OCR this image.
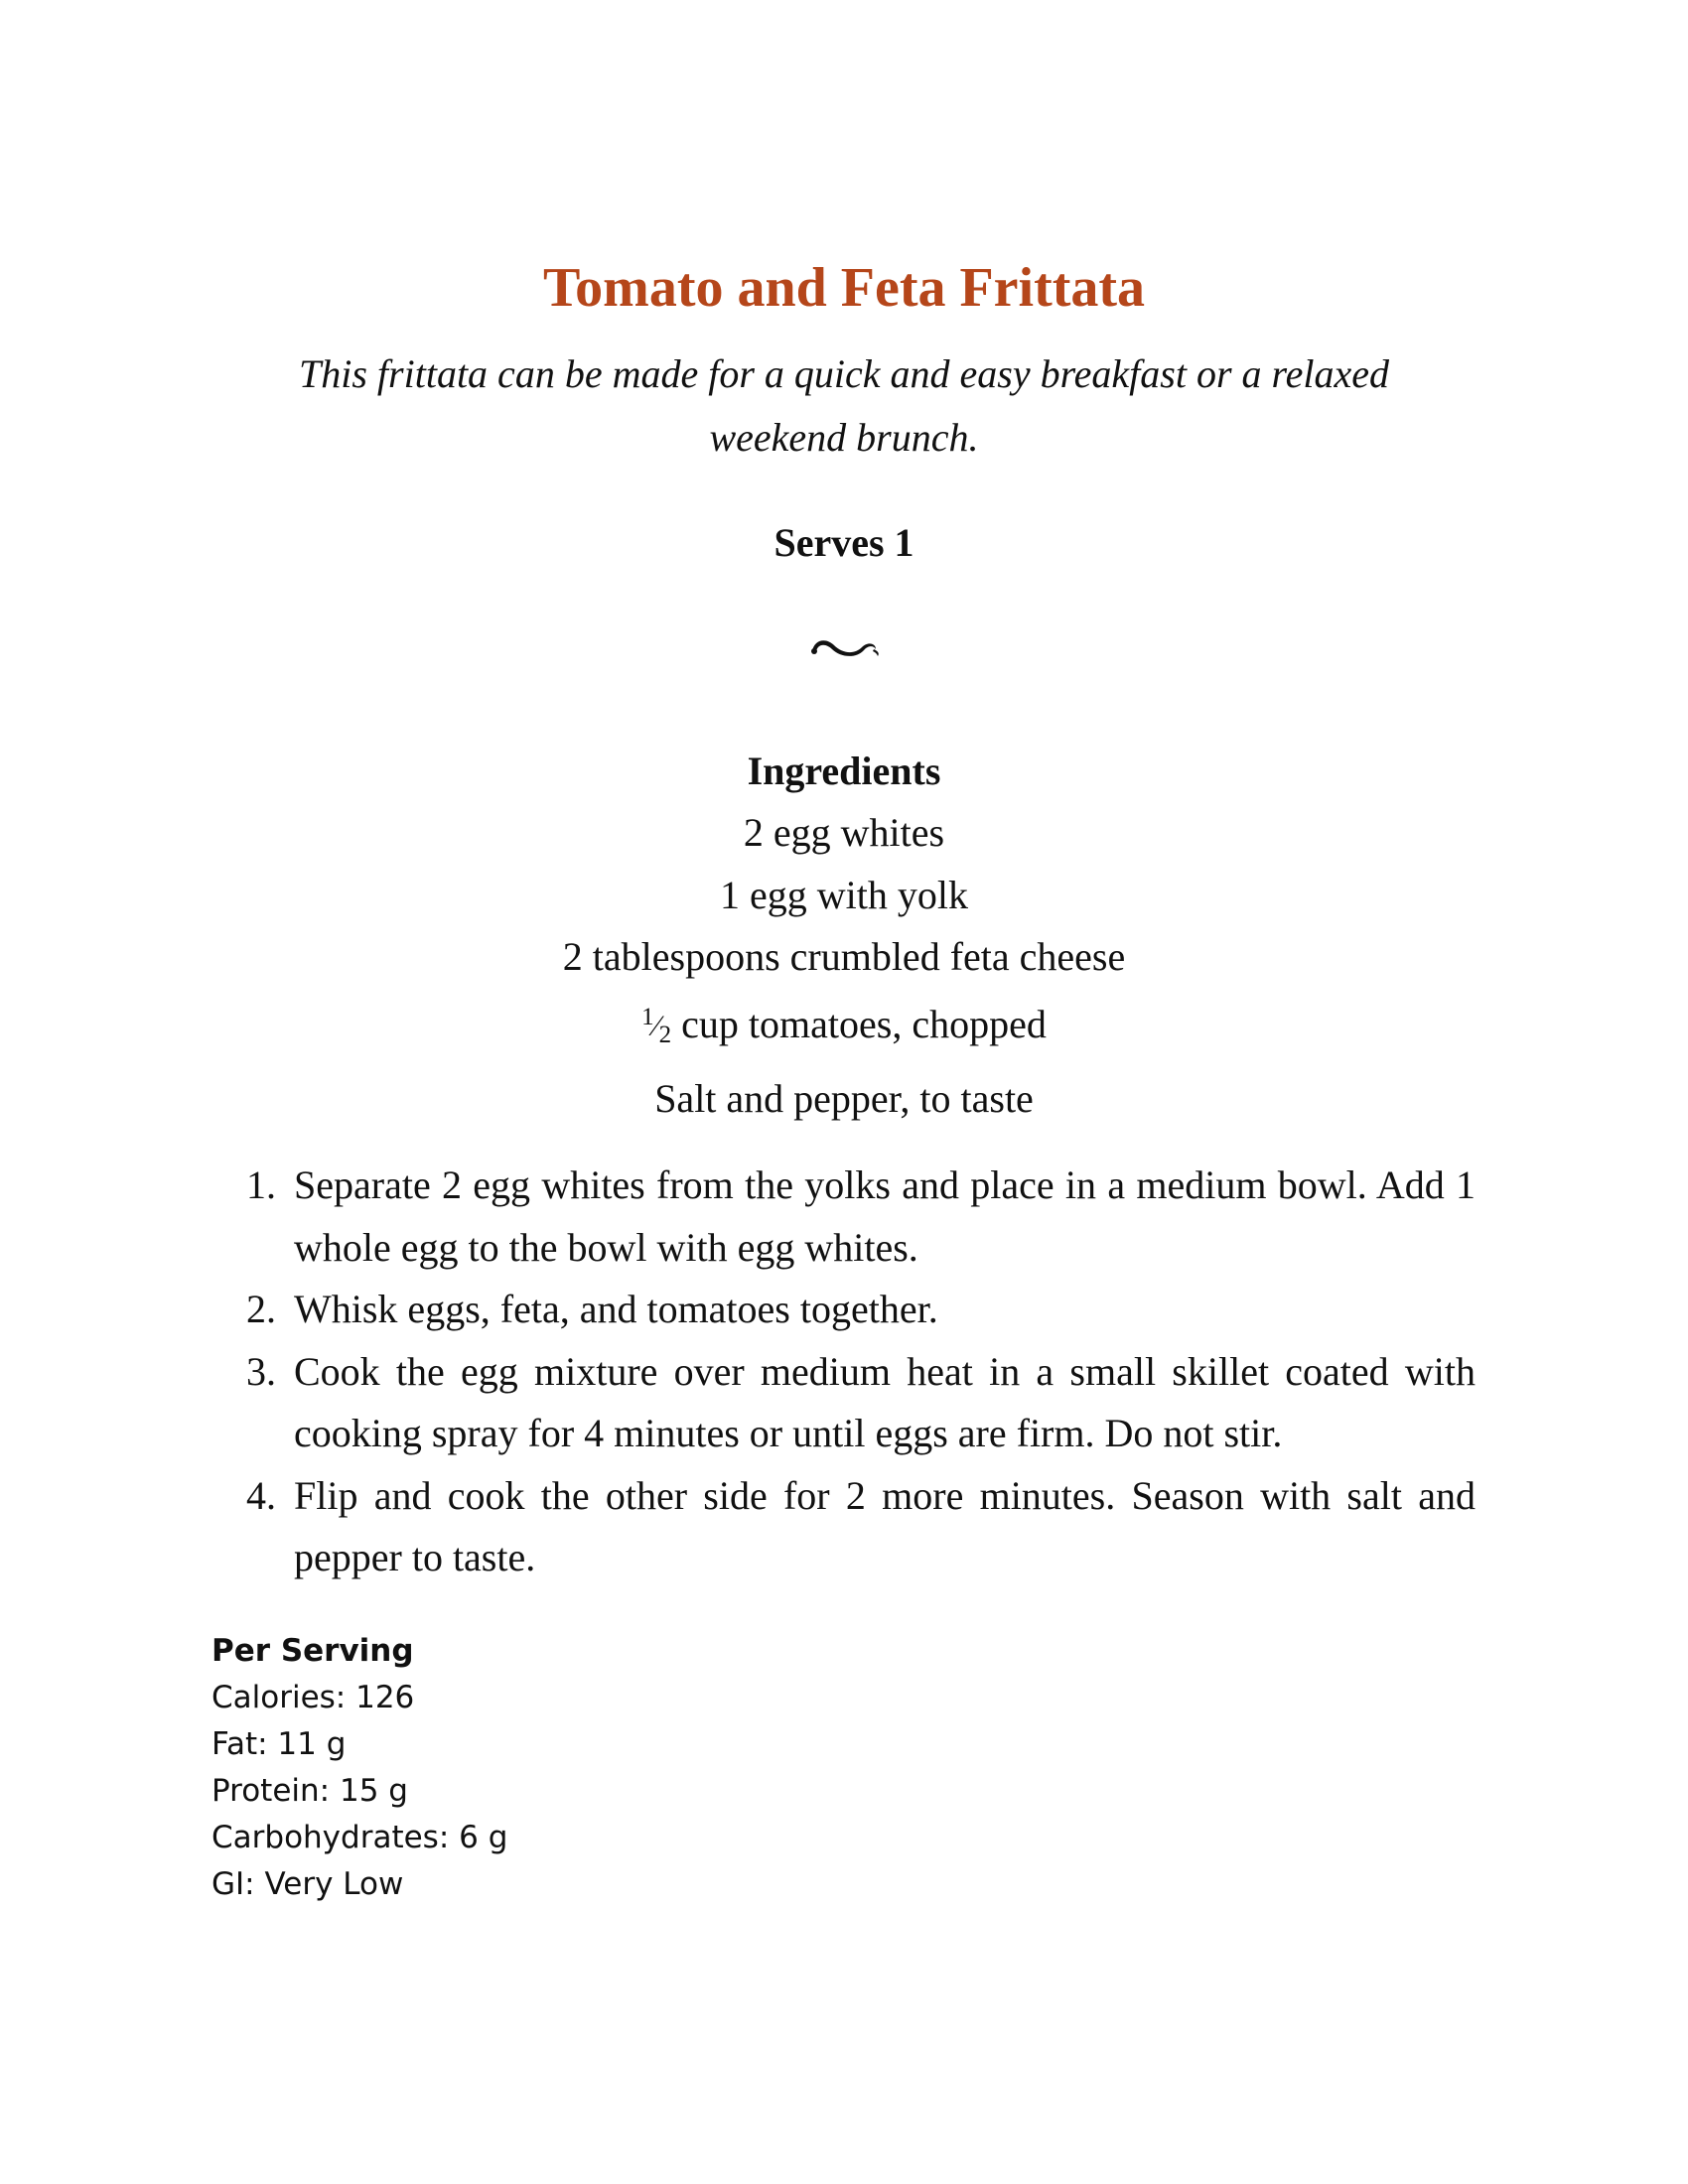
Tomato and Feta Frittata

This frittata can be made for a quick and easy breakfast or a relaxed weekend brunch.

Serves 1

Ingredients
2 egg whites
1 egg with yolk
2 tablespoons crumbled feta cheese
$^1⁄_2$ cup tomatoes, chopped
Salt and pepper, to taste
1. Separate 2 egg whites from the yolks and place in a medium bowl. Add 1 whole egg to the bowl with egg whites.
2. Whisk eggs, feta, and tomatoes together.
3. Cook the egg mixture over medium heat in a small skillet coated with cooking spray for 4 minutes or until eggs are firm. Do not stir.
4. Flip and cook the other side for 2 more minutes. Season with salt and pepper to taste.
Per Serving
Calories: 126
Fat: 11 g
Protein: 15 g
Carbohydrates: 6 g
GI: Very Low
